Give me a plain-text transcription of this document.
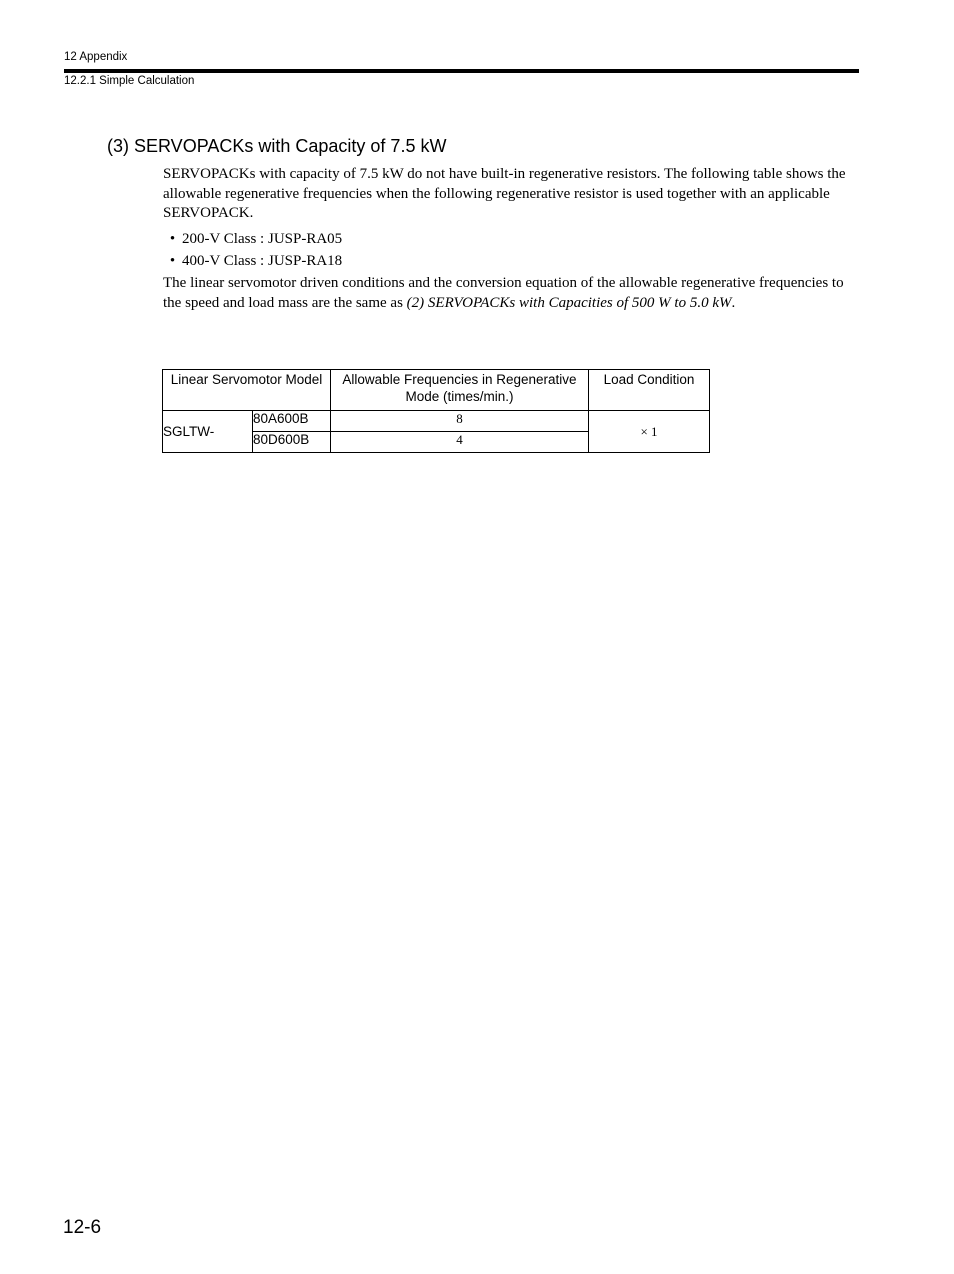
12 Appendix
12.2.1 Simple Calculation
(3) SERVOPACKs with Capacity of 7.5 kW

SERVOPACKs with capacity of 7.5 kW do not have built-in regenerative resistors. The following table shows the allowable regenerative frequencies when the following regenerative resistor is used together with an applicable SERVOPACK.

• 200-V Class : JUSP-RA05
• 400-V Class : JUSP-RA18

The linear servomotor driven conditions and the conversion equation of the allowable regenerative frequencies to the speed and load mass are the same as (2) SERVOPACKs with Capacities of 500 W to 5.0 kW.

Linear Servomotor Model		Allowable Frequencies in Regenerative Mode (times/min.)	Load Condition
SGLTW-	80A600B	8	× 1
	80D600B	4	
12-6
